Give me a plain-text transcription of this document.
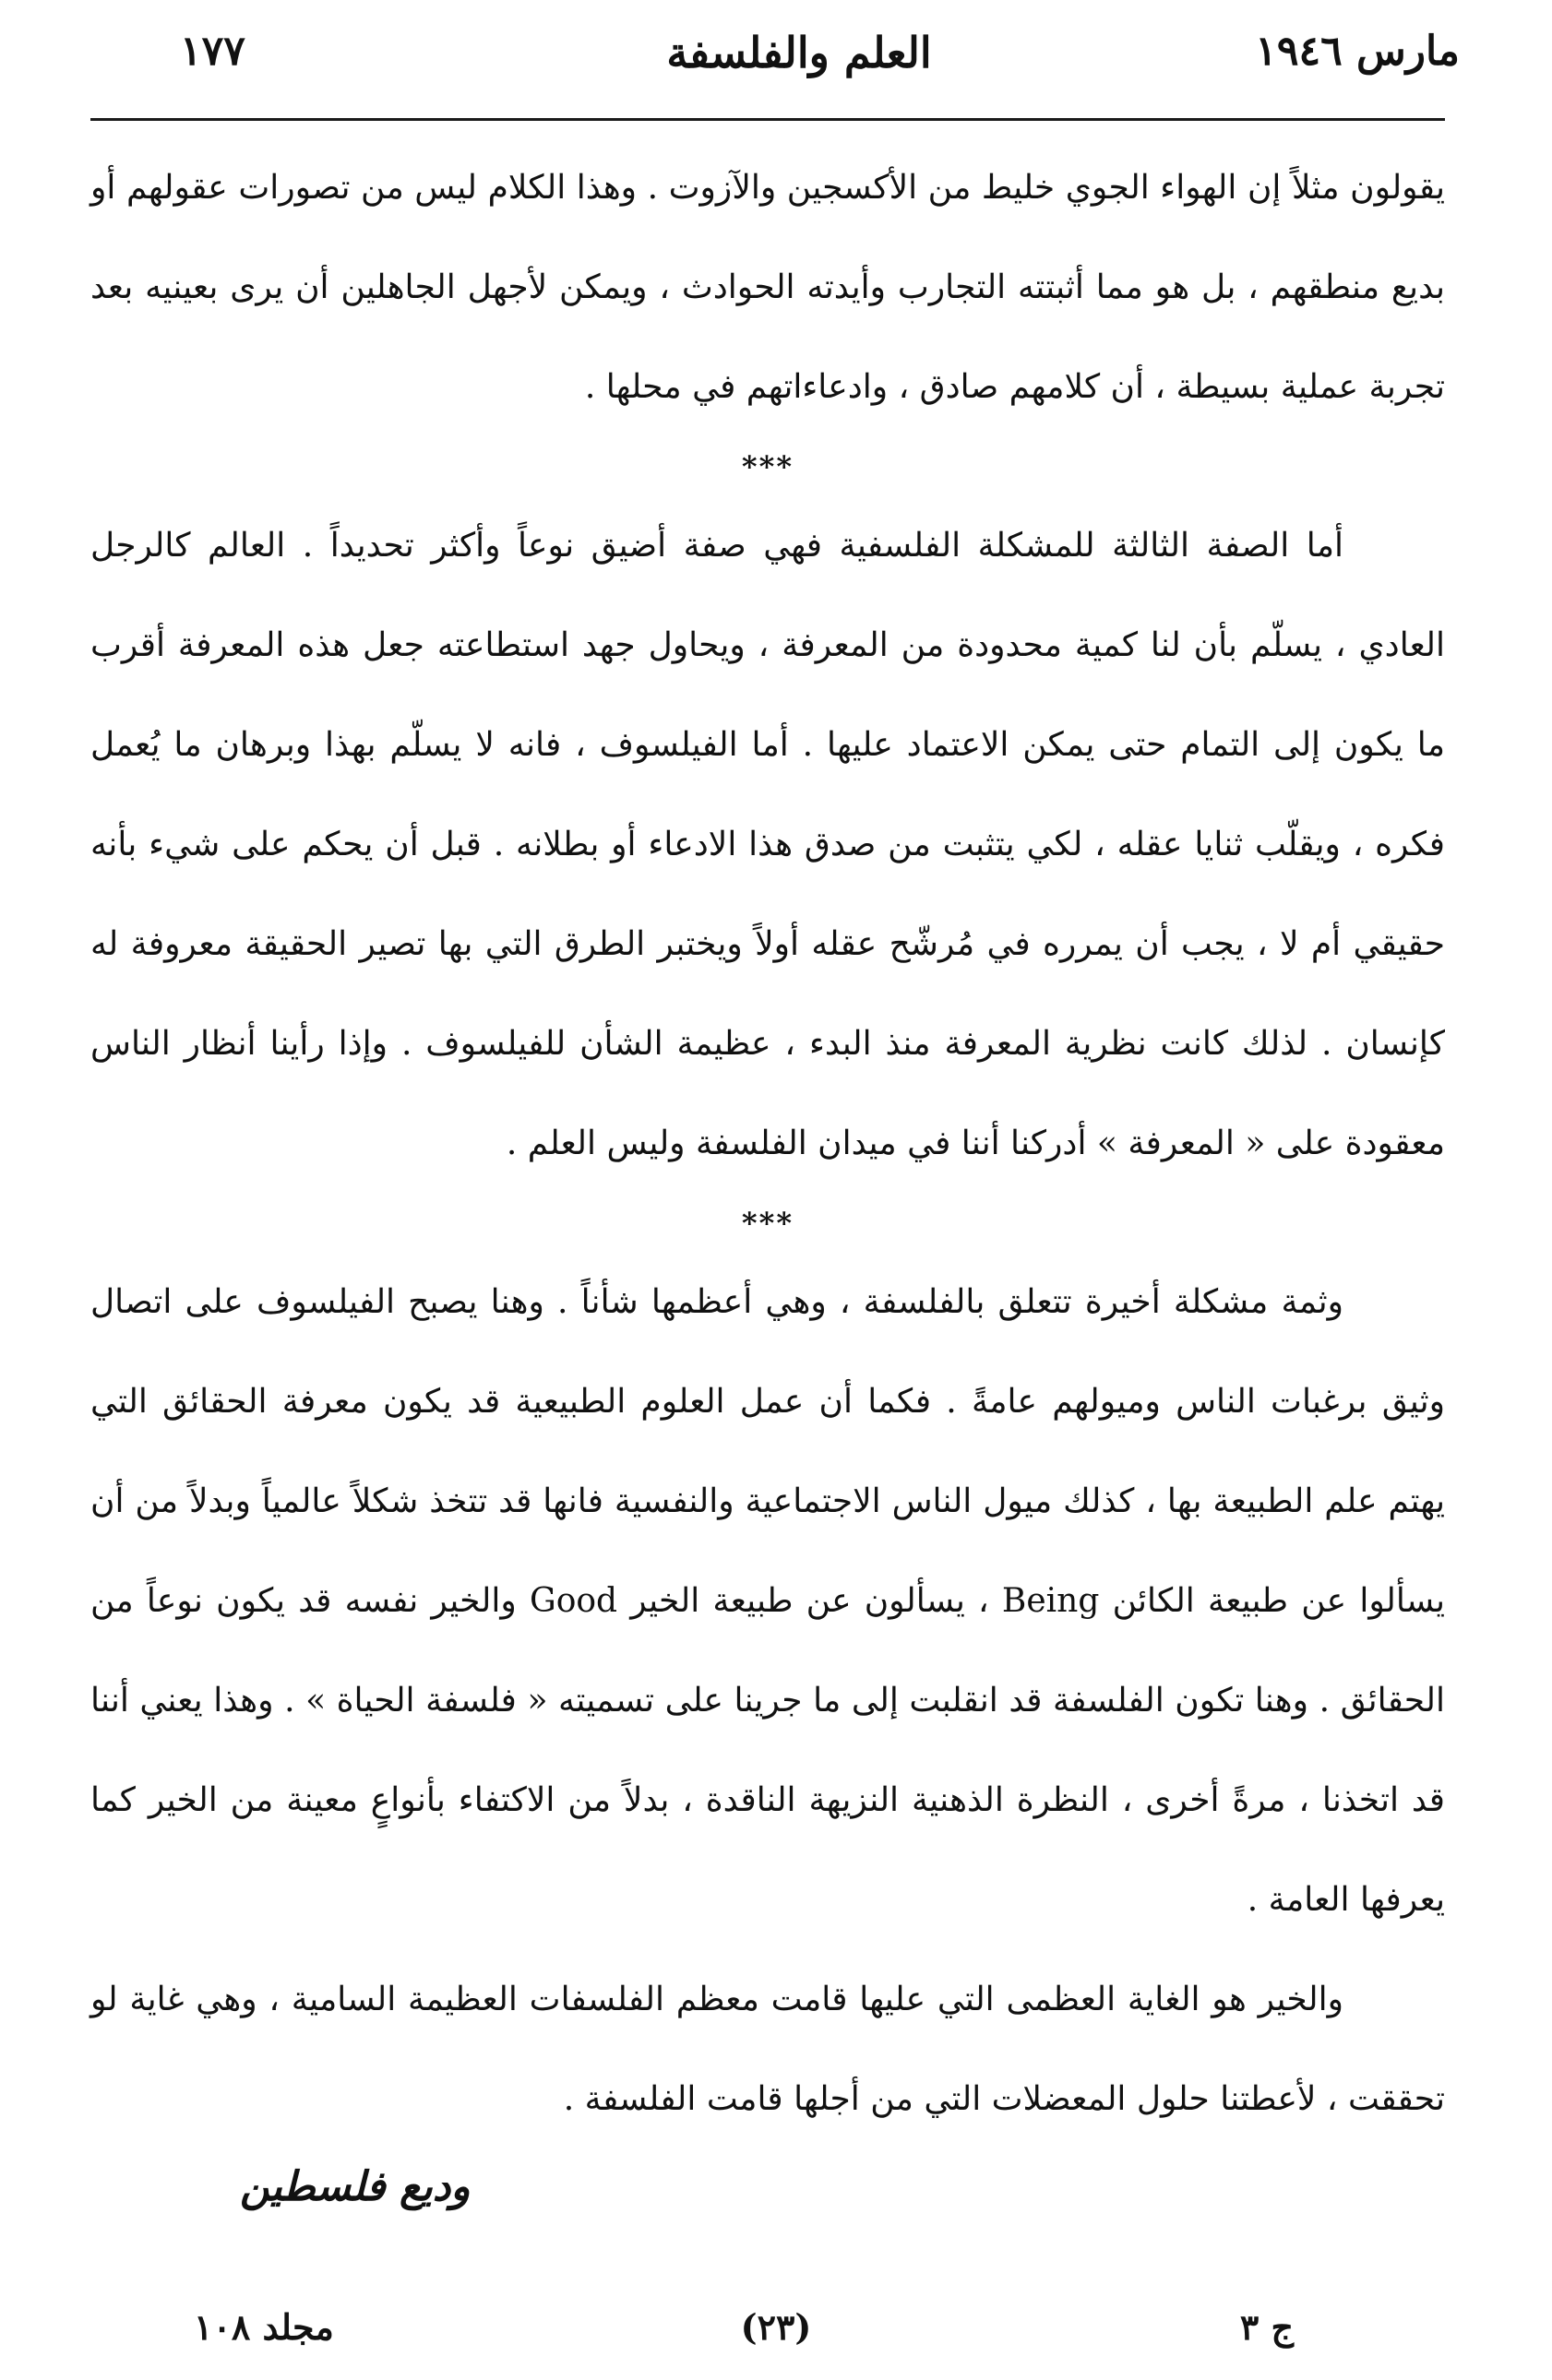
مارس ١٩٤٦
العلم والفلسفة
١٧٧

يقولون مثلاً إن الهواء الجوي خليط من الأكسجين والآزوت . وهذا الكلام ليس من تصورات عقولهم أو بديع منطقهم ، بل هو مما أثبتته التجارب وأيدته الحوادث ، ويمكن لأجهل الجاهلين أن يرى بعينيه بعد تجربة عملية بسيطة ، أن كلامهم صادق ، وادعاءاتهم في محلها .

***

أما الصفة الثالثة للمشكلة الفلسفية فهي صفة أضيق نوعاً وأكثر تحديداً . العالم كالرجل العادي ، يسلّم بأن لنا كمية محدودة من المعرفة ، ويحاول جهد استطاعته جعل هذه المعرفة أقرب ما يكون إلى التمام حتى يمكن الاعتماد عليها . أما الفيلسوف ، فانه لا يسلّم بهذا وبرهان ما يُعمل فكره ، ويقلّب ثنايا عقله ، لكي يتثبت من صدق هذا الادعاء أو بطلانه . قبل أن يحكم على شيء بأنه حقيقي أم لا ، يجب أن يمرره في مُرشّح عقله أولاً ويختبر الطرق التي بها تصير الحقيقة معروفة له كإنسان . لذلك كانت نظرية المعرفة منذ البدء ، عظيمة الشأن للفيلسوف . وإذا رأينا أنظار الناس معقودة على « المعرفة » أدركنا أننا في ميدان الفلسفة وليس العلم .

***

وثمة مشكلة أخيرة تتعلق بالفلسفة ، وهي أعظمها شأناً . وهنا يصبح الفيلسوف على اتصال وثيق برغبات الناس وميولهم عامةً . فكما أن عمل العلوم الطبيعية قد يكون معرفة الحقائق التي يهتم علم الطبيعة بها ، كذلك ميول الناس الاجتماعية والنفسية فانها قد تتخذ شكلاً عالمياً وبدلاً من أن يسألوا عن طبيعة الكائن Being ، يسألون عن طبيعة الخير Good والخير نفسه قد يكون نوعاً من الحقائق . وهنا تكون الفلسفة قد انقلبت إلى ما جرينا على تسميته « فلسفة الحياة » . وهذا يعني أننا قد اتخذنا ، مرةً أخرى ، النظرة الذهنية النزيهة الناقدة ، بدلاً من الاكتفاء بأنواعٍ معينة من الخير كما يعرفها العامة .

والخير هو الغاية العظمى التي عليها قامت معظم الفلسفات العظيمة السامية ، وهي غاية لو تحققت ، لأعطتنا حلول المعضلات التي من أجلها قامت الفلسفة .

وديع فلسطين
مجلد ١٠٨	(٢٣)	ج ٣
